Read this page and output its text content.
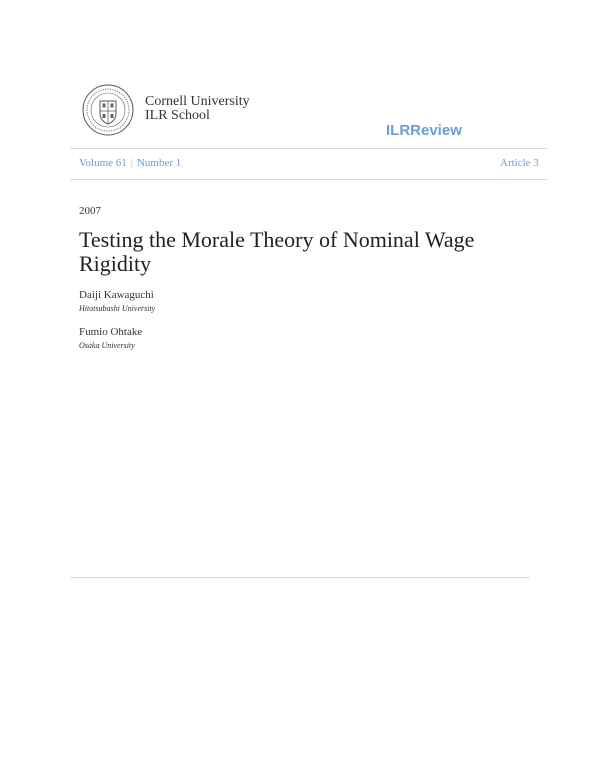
Cornell University
ILR School
ILRReview
Volume 61 | Number 1	Article 3
2007
Testing the Morale Theory of Nominal Wage Rigidity
Daiji Kawaguchi
Hitotsubashi University
Fumio Ohtake
Osaka University
